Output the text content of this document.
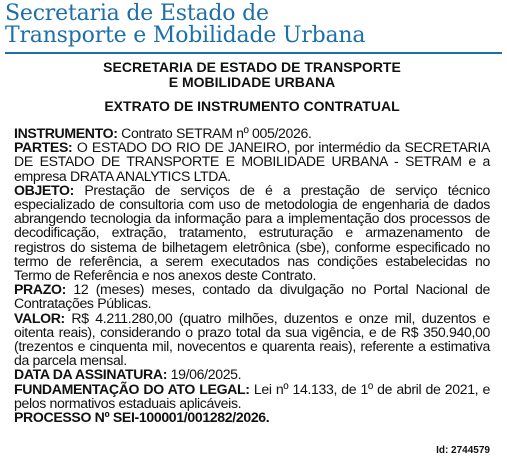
Secretaria de Estado de
Transporte e Mobilidade Urbana
SECRETARIA DE ESTADO DE TRANSPORTE
E MOBILIDADE URBANA
EXTRATO DE INSTRUMENTO CONTRATUAL

INSTRUMENTO: Contrato SETRAM nº 005/2026.

PARTES: O ESTADO DO RIO DE JANEIRO, por intermédio da SECRETARIA DE ESTADO DE TRANSPORTE E MOBILIDADE URBANA - SETRAM e a empresa DRATA ANALYTICS LTDA.

OBJETO: Prestação de serviços de é a prestação de serviço técnico especializado de consultoria com uso de metodologia de engenharia de dados abrangendo tecnologia da informação para a implementação dos processos de decodificação, extração, tratamento, estruturação e armazenamento de registros do sistema de bilhetagem eletrônica (sbe), conforme especificado no termo de referência, a serem executados nas condições estabelecidas no Termo de Referência e nos anexos deste Contrato.

PRAZO: 12 (meses) meses, contado da divulgação no Portal Nacional de Contratações Públicas.

VALOR: R$ 4.211.280,00 (quatro milhões, duzentos e onze mil, duzentos e oitenta reais), considerando o prazo total da sua vigência, e de R$ 350.940,00 (trezentos e cinquenta mil, novecentos e quarenta reais), referente a estimativa da parcela mensal.

DATA DA ASSINATURA: 19/06/2025.

FUNDAMENTAÇÃO DO ATO LEGAL: Lei nº 14.133, de 1º de abril de 2021, e pelos normativos estaduais aplicáveis.

PROCESSO Nº SEI-100001/001282/2026.

Id: 2744579
